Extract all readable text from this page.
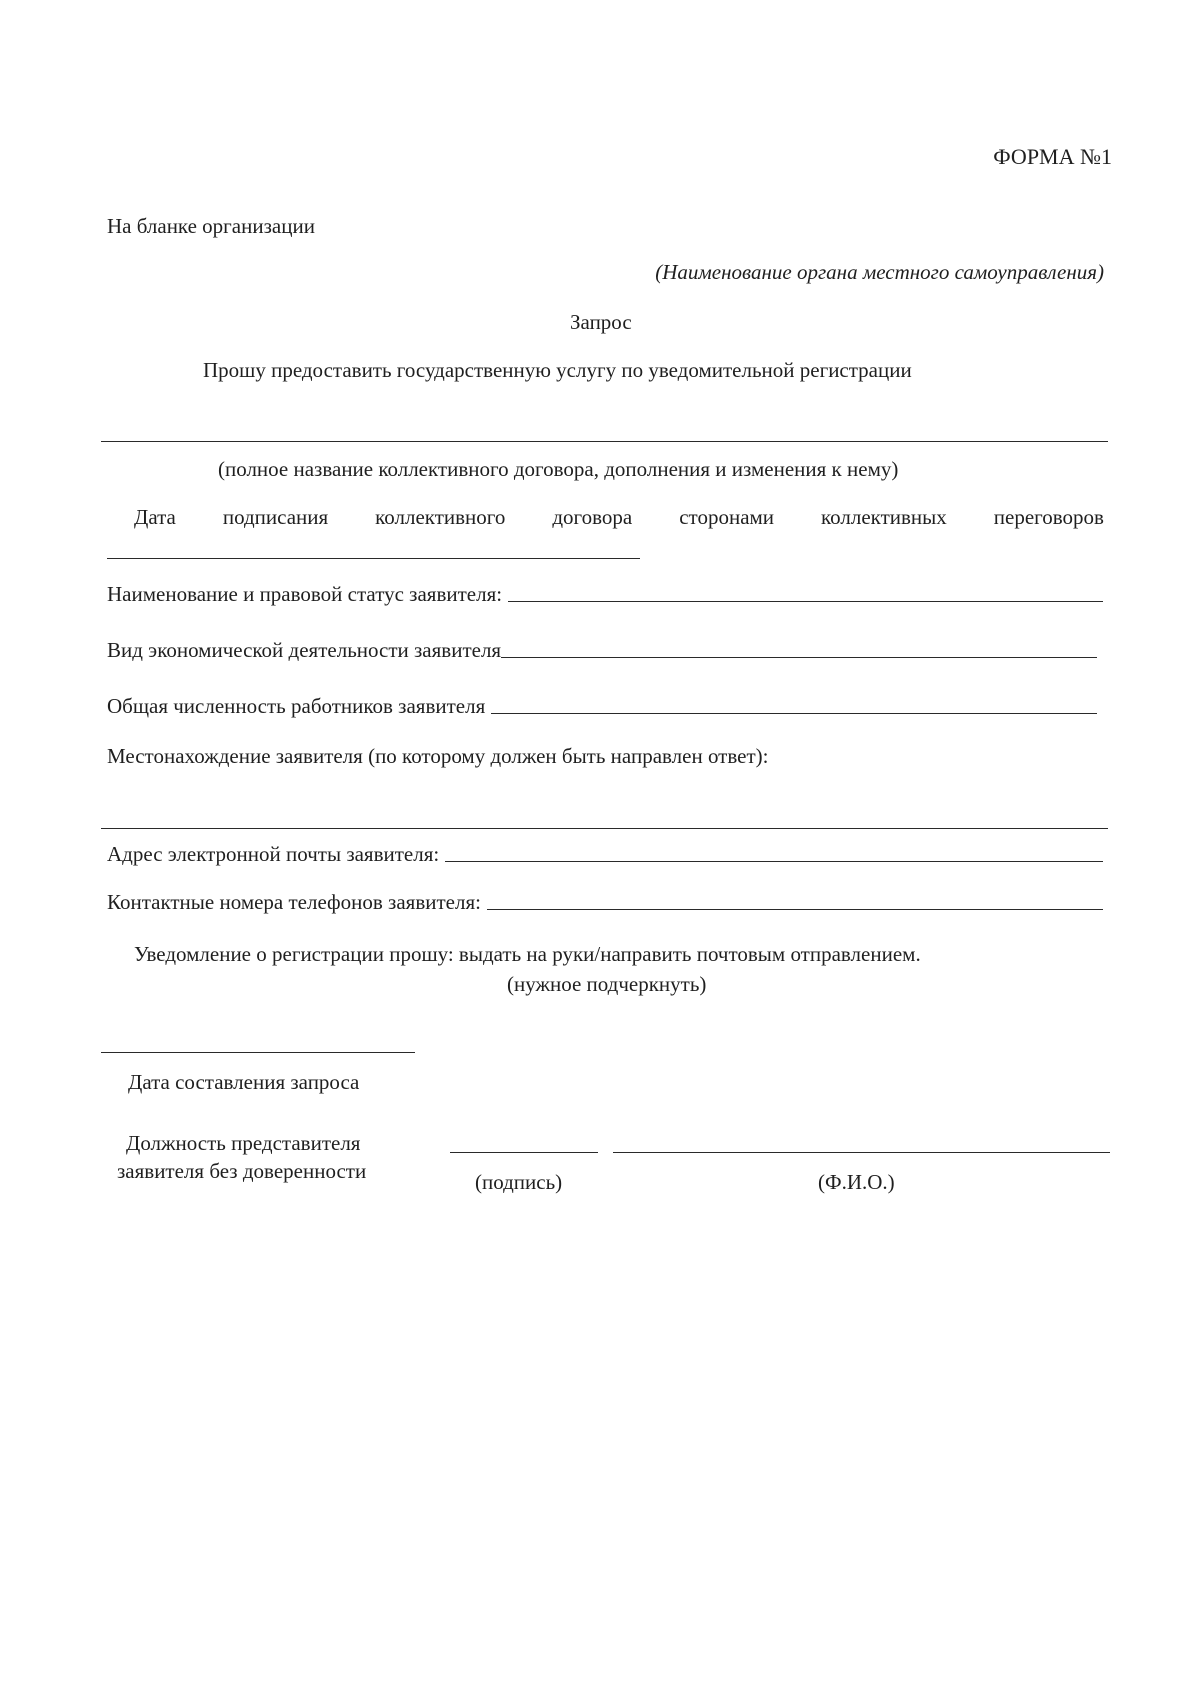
ФОРМА №1
На бланке организации
(Наименование органа местного самоуправления)
Запрос
Прошу предоставить государственную услугу по уведомительной регистрации
(полное название коллективного договора, дополнения и изменения к нему)
Дата подписания коллективного договора сторонами коллективных переговоров
Наименование и правовой статус заявителя:
Вид экономической деятельности заявителя
Общая численность работников заявителя
Местонахождение заявителя (по которому должен быть направлен ответ):
Адрес электронной почты заявителя:
Контактные номера телефонов заявителя:
Уведомление о регистрации прошу: выдать на руки/направить почтовым отправлением.
(нужное подчеркнуть)
Дата составления запроса
Должность представителя
заявителя без доверенности	(подпись)	(Ф.И.О.)
